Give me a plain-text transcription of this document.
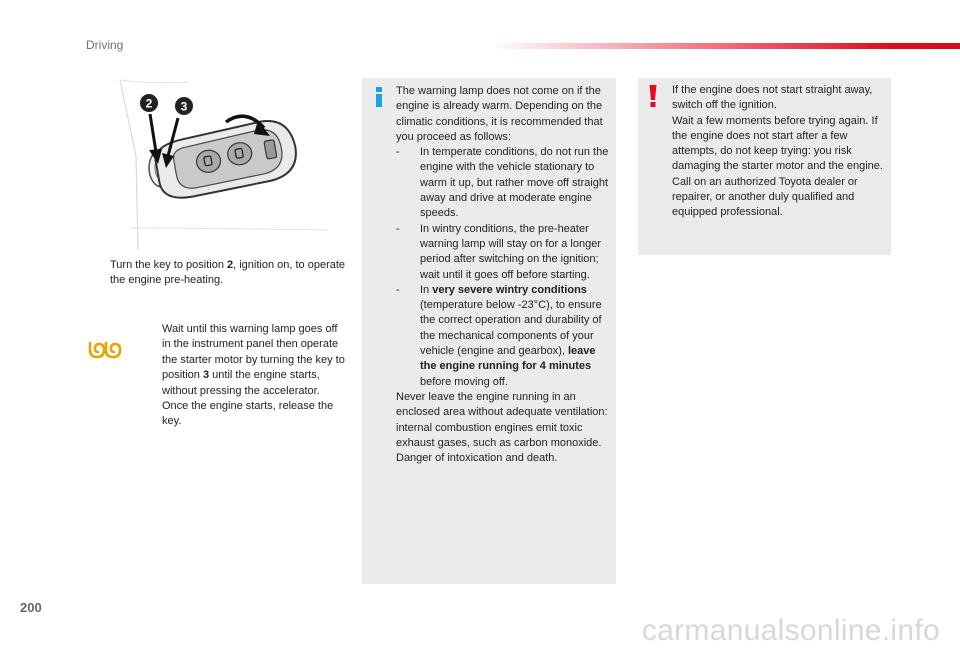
Driving
2 3
Turn the key to position 2, ignition on, to operate the engine pre-heating.
Wait until this warning lamp goes off in the instrument panel then operate the starter motor by turning the key to position 3 until the engine starts, without pressing the accelerator. Once the engine starts, release the key.

The warning lamp does not come on if the engine is already warm. Depending on the climatic conditions, it is recommended that you proceed as follows:

- In temperate conditions, do not run the engine with the vehicle stationary to warm it up, but rather move off straight away and drive at moderate engine speeds.
- In wintry conditions, the pre-heater warning lamp will stay on for a longer period after switching on the ignition; wait until it goes off before starting.
- In very severe wintry conditions (temperature below -23°C), to ensure the correct operation and durability of the mechanical components of your vehicle (engine and gearbox), leave the engine running for 4 minutes before moving off.

Never leave the engine running in an enclosed area without adequate ventilation: internal combustion engines emit toxic exhaust gases, such as carbon monoxide. Danger of intoxication and death.

If the engine does not start straight away, switch off the ignition.

Wait a few moments before trying again. If the engine does not start after a few attempts, do not keep trying: you risk damaging the starter motor and the engine.

Call on an authorized Toyota dealer or repairer, or another duly qualified and equipped professional.

200
carmanualsonline.info
